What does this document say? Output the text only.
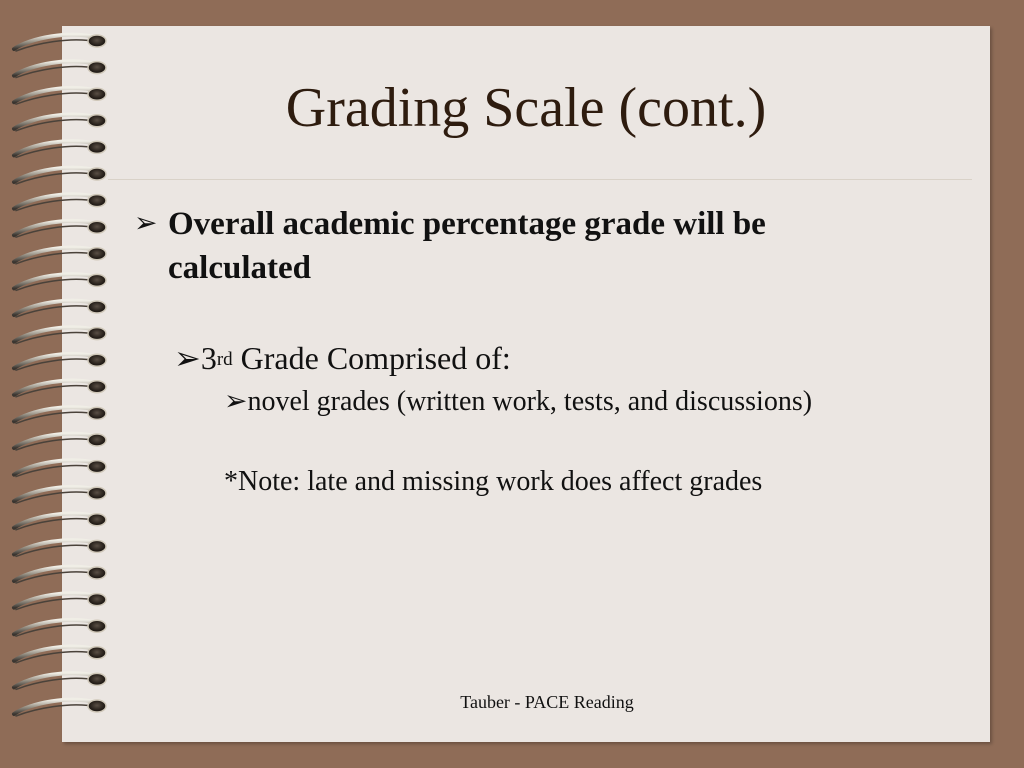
Grading Scale (cont.)
➢ Overall academic percentage grade will be calculated
➢3rd Grade Comprised of:
➢novel grades (written work, tests, and discussions)
*Note: late and missing work does affect grades
Tauber - PACE Reading
